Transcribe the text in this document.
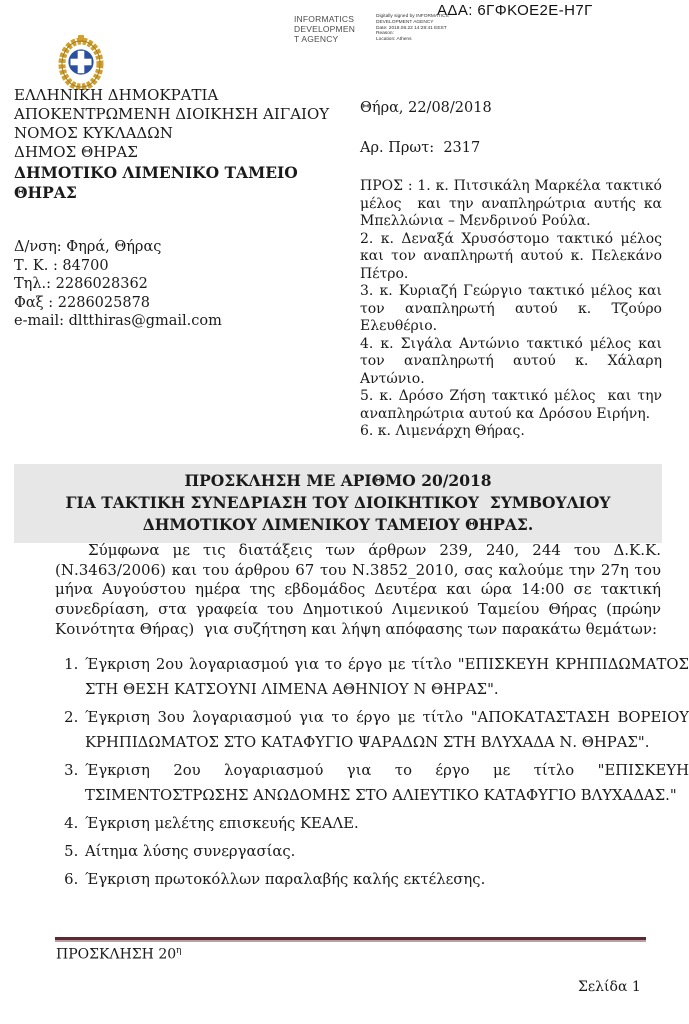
ΑΔΑ: 6ΓΦΚΟΕ2Ε-Η7Γ
INFORMATICS
DEVELOPMEN
T AGENCY
Digitally signed by INFORMATICS DEVELOPMENT AGENCY
Date: 2018.08.22 14:28:41 EEST
Reason:
Location: Athens
ΕΛΛΗΝΙΚΗ ΔΗΜΟΚΡΑΤΙΑ
ΑΠΟΚΕΝΤΡΩΜΕΝΗ ΔΙΟΙΚΗΣΗ ΑΙΓΑΙΟΥ
ΝΟΜΟΣ ΚΥΚΛΑΔΩΝ
ΔΗΜΟΣ ΘΗΡΑΣ
ΔΗΜΟΤΙΚΟ ΛΙΜΕΝΙΚΟ ΤΑΜΕΙΟ ΘΗΡΑΣ
Δ/νση: Φηρά, Θήρας
Τ. Κ. : 84700
Τηλ.: 2286028362
Φαξ : 2286025878
e-mail: dltthiras@gmail.com
Θήρα, 22/08/2018
Αρ. Πρωτ:  2317

ΠΡΟΣ : 1. κ. Πιτσικάλη Μαρκέλα τακτικό μέλος  και την αναπληρώτρια αυτής κα Μπελλώνια – Μενδρινού Ρούλα.

2. κ. Δεναξά Χρυσόστομο τακτικό μέλος και τον αναπληρωτή αυτού κ. Πελεκάνο Πέτρο.

3. κ. Κυριαζή Γεώργιο τακτικό μέλος και τον αναπληρωτή αυτού κ. Τζούρο Ελευθέριο.

4. κ. Σιγάλα Αντώνιο τακτικό μέλος και τον αναπληρωτή αυτού κ. Χάλαρη Αντώνιο.

5. κ. Δρόσο Ζήση τακτικό μέλος  και την αναπληρώτρια αυτού κα Δρόσου Ειρήνη.

6. κ. Λιμενάρχη Θήρας.

ΠΡΟΣΚΛΗΣΗ ΜΕ ΑΡΙΘΜΟ 20/2018
ΓΙΑ ΤΑΚΤΙΚΗ ΣΥΝΕΔΡΙΑΣΗ ΤΟΥ ΔΙΟΙΚΗΤΙΚΟΥ  ΣΥΜΒΟΥΛΙΟΥ ΔΗΜΟΤΙΚΟΥ ΛΙΜΕΝΙΚΟΥ ΤΑΜΕΙΟΥ ΘΗΡΑΣ.
Σύμφωνα με τις διατάξεις των άρθρων 239, 240, 244 του Δ.Κ.Κ. (Ν.3463/2006) και του άρθρου 67 του Ν.3852_2010, σας καλούμε την 27η του μήνα Αυγούστου ημέρα της εβδομάδος Δευτέρα και ώρα 14:00 σε τακτική συνεδρίαση, στα γραφεία του Δημοτικού Λιμενικού Ταμείου Θήρας (πρώην Κοινότητα Θήρας)  για συζήτηση και λήψη απόφασης των παρακάτω θεμάτων:
1. Έγκριση 2ου λογαριασμού για το έργο με τίτλο "ΕΠΙΣΚΕΥΗ ΚΡΗΠΙΔΩΜΑΤΟΣ ΣΤΗ ΘΕΣΗ ΚΑΤΣΟΥΝΙ ΛΙΜΕΝΑ ΑΘΗΝΙΟΥ Ν ΘΗΡΑΣ".
2. Έγκριση 3ου λογαριασμού για το έργο με τίτλο "ΑΠΟΚΑΤΑΣΤΑΣΗ ΒΟΡΕΙΟΥ ΚΡΗΠΙΔΩΜΑΤΟΣ ΣΤΟ ΚΑΤΑΦΥΓΙΟ ΨΑΡΑΔΩΝ ΣΤΗ ΒΛΥΧΑΔΑ Ν. ΘΗΡΑΣ".
3. Έγκριση 2ου λογαριασμού για το έργο με τίτλο "ΕΠΙΣΚΕΥΗ ΤΣΙΜΕΝΤΟΣΤΡΩΣΗΣ ΑΝΩΔΟΜΗΣ ΣΤΟ ΑΛΙΕΥΤΙΚΟ ΚΑΤΑΦΥΓΙΟ ΒΛΥΧΑΔΑΣ."
4. Έγκριση μελέτης επισκευής ΚΕΑΛΕ.
5. Αίτημα λύσης συνεργασίας.
6. Έγκριση πρωτοκόλλων παραλαβής καλής εκτέλεσης.
ΠΡΟΣΚΛΗΣΗ $20^\eta$
Σελίδα 1
